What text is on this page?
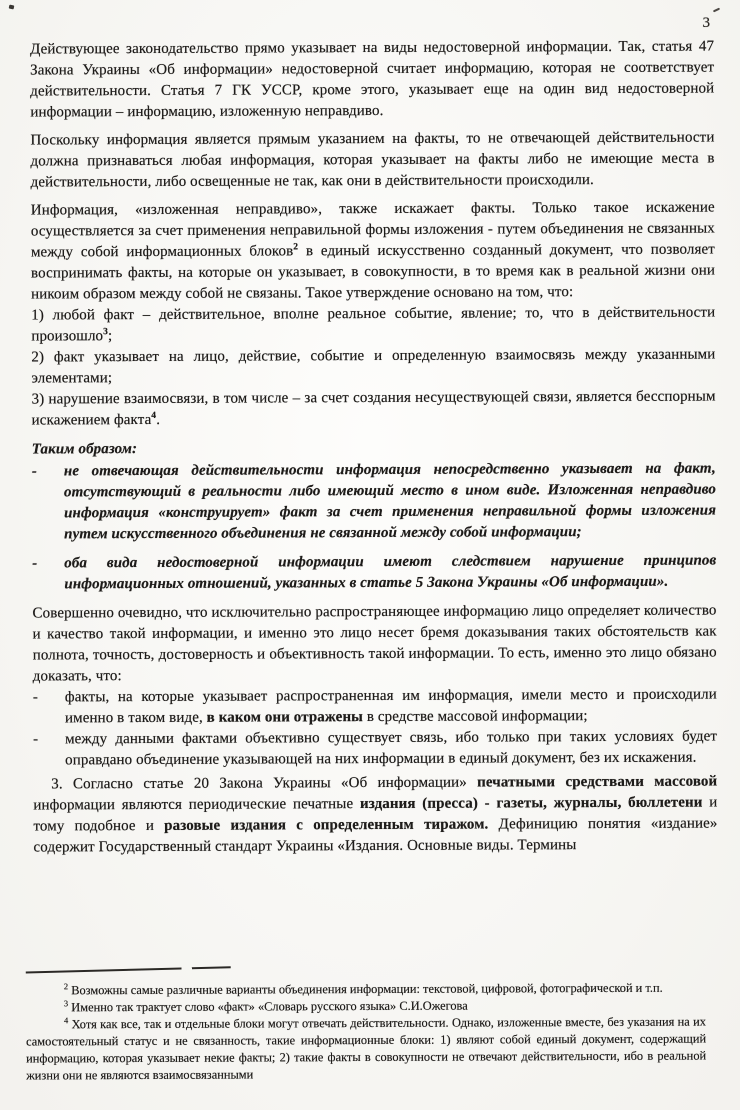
3

Действующее законодательство прямо указывает на виды недостоверной информации. Так, статья 47 Закона Украины «Об информации» недостоверной считает информацию, которая не соответствует действительности. Статья 7 ГК УССР, кроме этого, указывает еще на один вид недостоверной информации – информацию, изложенную неправдиво.

Поскольку информация является прямым указанием на факты, то не отвечающей действительности должна признаваться любая информация, которая указывает на факты либо не имеющие места в действительности, либо освещенные не так, как они в действительности происходили.

Информация, «изложенная неправдиво», также искажает факты. Только такое искажение осуществляется за счет применения неправильной формы изложения - путем объединения не связанных между собой информационных блоков$^2$ в единый искусственно созданный документ, что позволяет воспринимать факты, на которые он указывает, в совокупности, в то время как в реальной жизни они никоим образом между собой не связаны. Такое утверждение основано на том, что:

1) любой факт – действительное, вполне реальное событие, явление; то, что в действительности произошло$^3$;

2) факт указывает на лицо, действие, событие и определенную взаимосвязь между указанными элементами;

3) нарушение взаимосвязи, в том числе – за счет создания несуществующей связи, является бесспорным искажением факта$^4$.

Таким образом:

-	не отвечающая действительности информация непосредственно указывает на факт, отсутствующий в реальности либо имеющий место в ином виде. Изложенная неправдиво информация «конструирует» факт за счет применения неправильной формы изложения путем искусственного объединения не связанной между собой информации;
-	оба вида недостоверной информации имеют следствием нарушение принципов информационных отношений, указанных в статье 5 Закона Украины «Об информации».

Совершенно очевидно, что исключительно распространяющее информацию лицо определяет количество и качество такой информации, и именно это лицо несет бремя доказывания таких обстоятельств как полнота, точность, достоверность и объективность такой информации. То есть, именно это лицо обязано доказать, что:

-	факты, на которые указывает распространенная им информация, имели место и происходили именно в таком виде, в каком они отражены в средстве массовой информации;
-	между данными фактами объективно существует связь, ибо только при таких условиях будет оправдано объединение указывающей на них информации в единый документ, без их искажения.

3. Согласно статье 20 Закона Украины «Об информации» печатными средствами массовой информации являются периодические печатные издания (пресса) - газеты, журналы, бюллетени и тому подобное и разовые издания с определенным тиражом. Дефиницию понятия «издание» содержит Государственный стандарт Украины «Издания. Основные виды. Термины

$^2$ Возможны самые различные варианты объединения информации: текстовой, цифровой, фотографической и т.п.

$^3$ Именно так трактует слово «факт» «Словарь русского языка» С.И.Ожегова

$^4$ Хотя как все, так и отдельные блоки могут отвечать действительности. Однако, изложенные вместе, без указания на их самостоятельный статус и не связанность, такие информационные блоки: 1) являют собой единый документ, содержащий информацию, которая указывает некие факты; 2) такие факты в совокупности не отвечают действительности, ибо в реальной жизни они не являются взаимосвязанными
